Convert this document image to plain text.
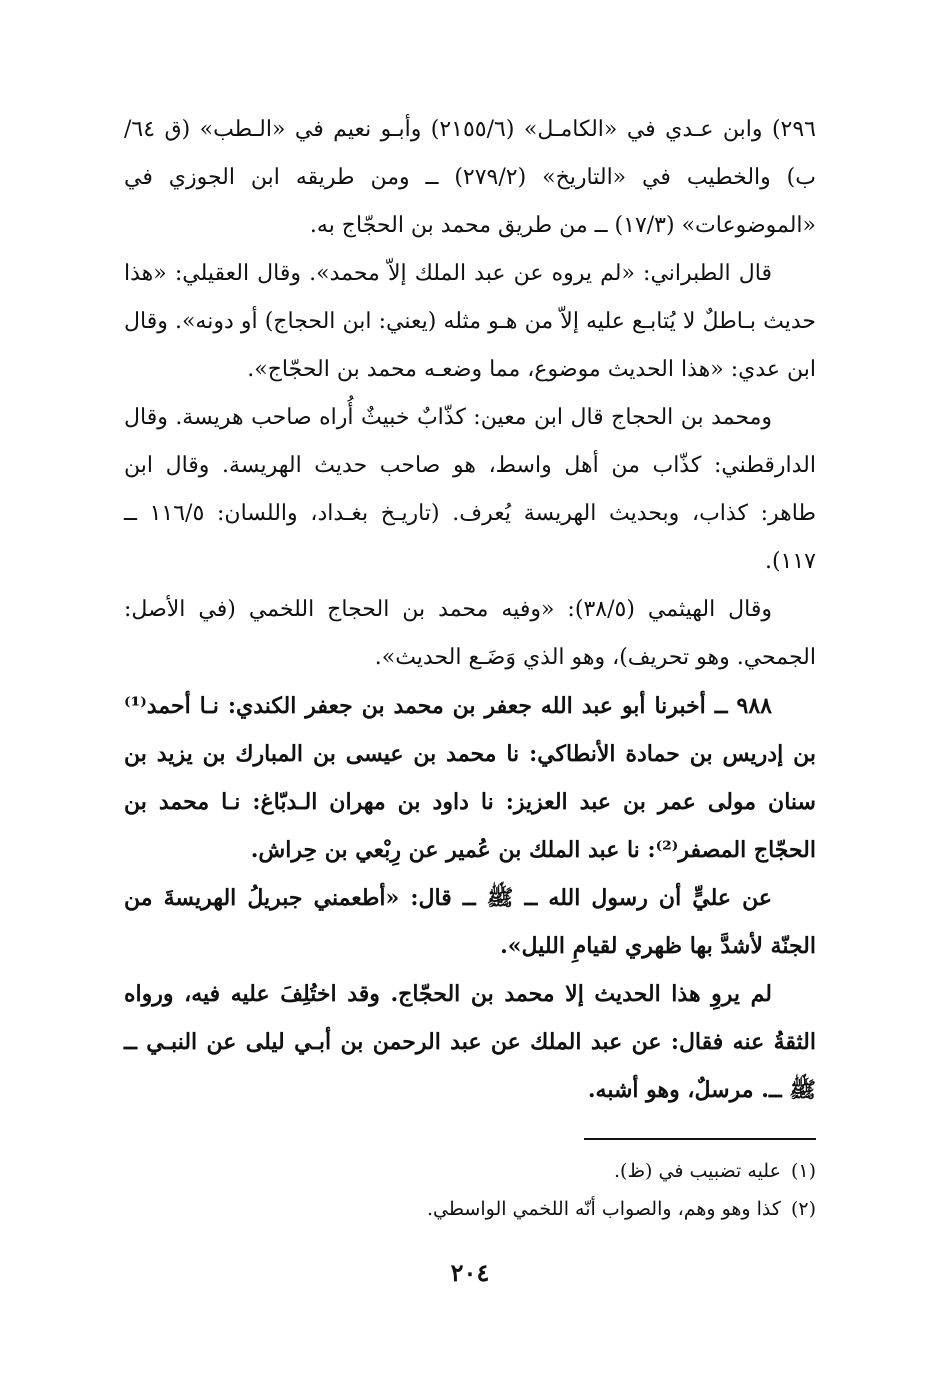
٢٩٦) وابن عـدي في «الكامـل» (٢١٥٥/٦) وأبـو نعيم في «الـطب» (ق ٦٤/ ب) والخطيب في «التاريخ» (٢٧٩/٢) ــ ومن طريقه ابن الجوزي في «الموضوعات» (١٧/٣) ــ من طريق محمد بن الحجّاج به.

قال الطبراني: «لم يروه عن عبد الملك إلاّ محمد». وقال العقيلي: «هذا حديث بـاطلٌ لا يُتابـع عليه إلاّ من هـو مثله (يعني: ابن الحجاج) أو دونه». وقال ابن عدي: «هذا الحديث موضوع، مما وضعـه محمد بن الحجّاج».

ومحمد بن الحجاج قال ابن معين: كذّابٌ خبيثٌ أُراه صاحب هريسة. وقال الدارقطني: كذّاب من أهل واسط، هو صاحب حديث الهريسة. وقال ابن طاهر: كذاب، وبحديث الهريسة يُعرف. (تاريـخ بغـداد، واللسان: ١١٦/٥ ــ ١١٧).

وقال الهيثمي (٣٨/٥): «وفيه محمد بن الحجاج اللخمي (في الأصل: الجمحي. وهو تحريف)، وهو الذي وَضَـع الحديث».

٩٨٨ ــ أخبرنا أبو عبد الله جعفر بن محمد بن جعفر الكندي: نـا أحمد⁽¹⁾ بن إدريس بن حمادة الأنطاكي: نا محمد بن عيسى بن المبارك بن يزيد بن سنان مولى عمر بن عبد العزيز: نا داود بن مهران الـدبّاغ: نـا محمد بن الحجّاج المصفر⁽²⁾: نا عبد الملك بن عُمير عن رِبْعي بن حِراش.

عن عليٍّ أن رسول الله ــ ﷺ ــ قال: «أطعمني جبريلُ الهريسةَ من الجنّة لأشدَّ بها ظهري لقيامِ الليل».

لم يروِ هذا الحديث إلا محمد بن الحجّاج. وقد اختُلِفَ عليه فيه، ورواه الثقةُ عنه فقال: عن عبد الملك عن عبد الرحمن بن أبـي ليلى عن النبـي ــ ﷺ ــ. مرسلٌ، وهو أشبه.

(١)
عليه تضبيب في (ظ).
(٢)
كذا وهو وهم، والصواب أنّه اللخمي الواسطي.
٢٠٤
